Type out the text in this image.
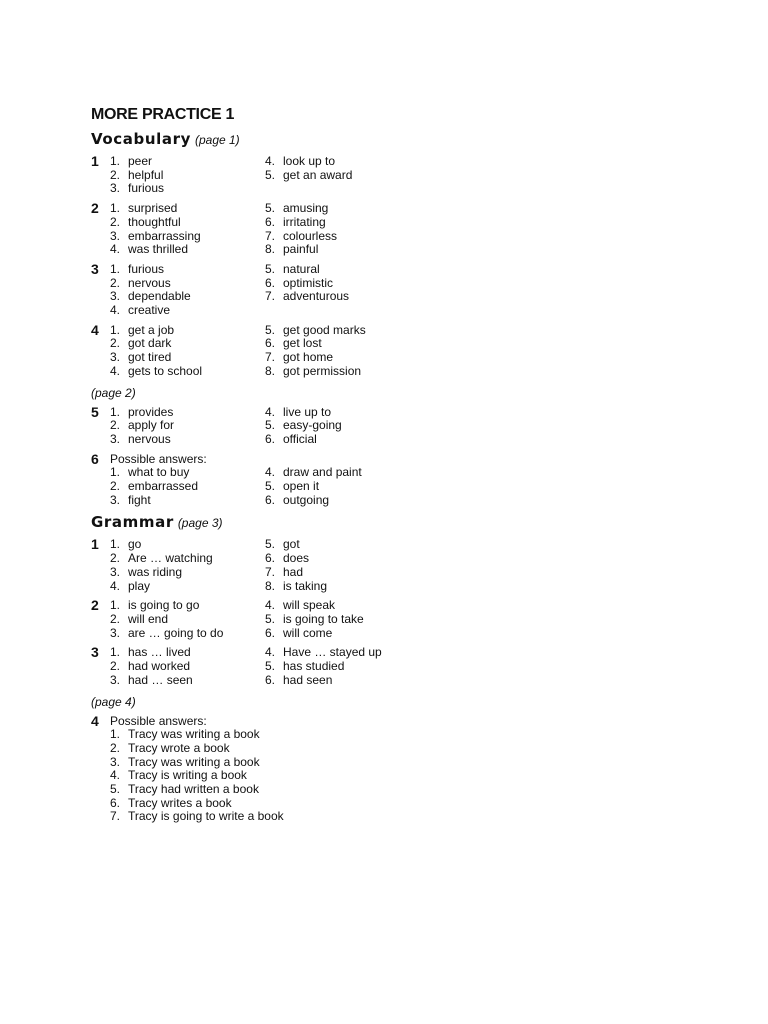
MORE PRACTICE 1
Vocabulary (page 1)
1 1. peer
2. helpful
3. furious
4. look up to
5. get an award
2 1. surprised
2. thoughtful
3. embarrassing
4. was thrilled
5. amusing
6. irritating
7. colourless
8. painful
3 1. furious
2. nervous
3. dependable
4. creative
5. natural
6. optimistic
7. adventurous
4 1. get a job
2. got dark
3. got tired
4. gets to school
5. get good marks
6. get lost
7. got home
8. got permission
(page 2)
5 1. provides
2. apply for
3. nervous
4. live up to
5. easy-going
6. official
6 Possible answers:
1. what to buy
2. embarrassed
3. fight
4. draw and paint
5. open it
6. outgoing
Grammar (page 3)
1 1. go
2. Are … watching
3. was riding
4. play
5. got
6. does
7. had
8. is taking
2 1. is going to go
2. will end
3. are … going to do
4. will speak
5. is going to take
6. will come
3 1. has … lived
2. had worked
3. had … seen
4. Have … stayed up
5. has studied
6. had seen
(page 4)
4 Possible answers:
1. Tracy was writing a book
2. Tracy wrote a book
3. Tracy was writing a book
4. Tracy is writing a book
5. Tracy had written a book
6. Tracy writes a book
7. Tracy is going to write a book
